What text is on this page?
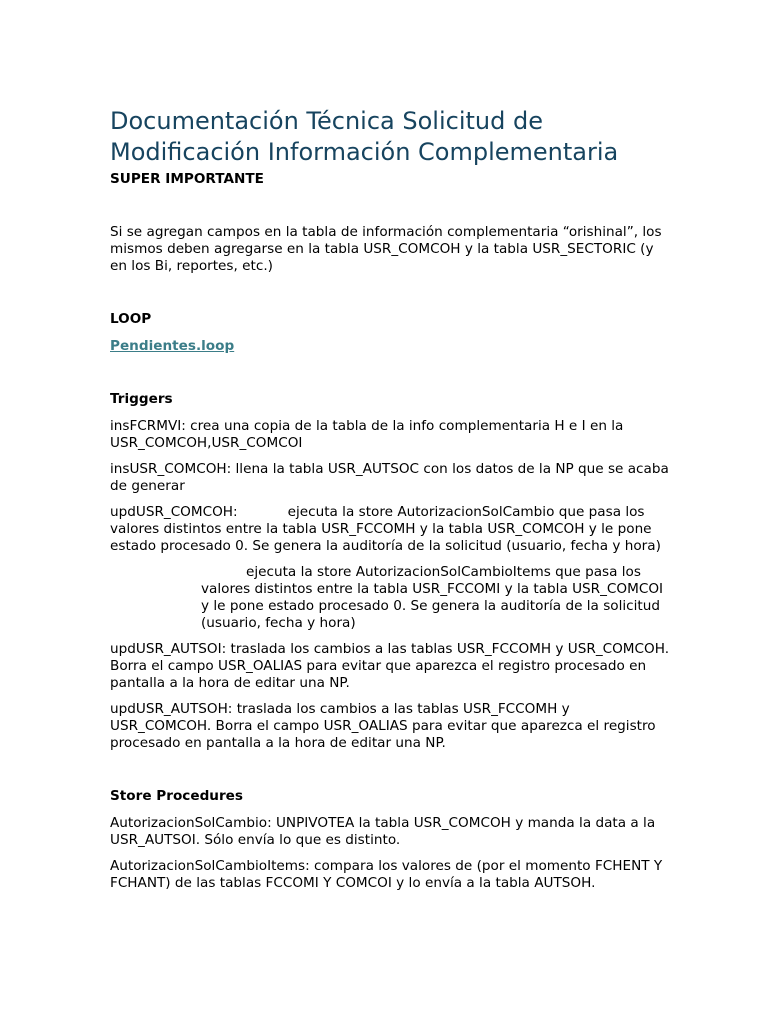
Documentación Técnica Solicitud de
Modificación Información Complementaria

SUPER IMPORTANTE

Si se agregan campos en la tabla de información complementaria “orishinal”, los mismos deben agregarse en la tabla USR_COMCOH y la tabla USR_SECTORIC (y en los Bi, reportes, etc.)

LOOP

Pendientes.loop

Triggers

insFCRMVI: crea una copia de la tabla de la info complementaria H e I en la USR_COMCOH,USR_COMCOI

insUSR_COMCOH: llena la tabla USR_AUTSOC con los datos de la NP que se acaba de generar

updUSR_COMCOH:	ejecuta la store AutorizacionSolCambio que pasa los valores distintos entre la tabla USR_FCCOMH y la tabla USR_COMCOH y le pone estado procesado 0. Se genera la auditoría de la solicitud (usuario, fecha y hora)

ejecuta la store AutorizacionSolCambioItems que pasa los valores distintos entre la tabla USR_FCCOMI y la tabla USR_COMCOI y le pone estado procesado 0. Se genera la auditoría de la solicitud (usuario, fecha y hora)

updUSR_AUTSOI: traslada los cambios a las tablas USR_FCCOMH y USR_COMCOH. Borra el campo USR_OALIAS para evitar que aparezca el registro procesado en pantalla a la hora de editar una NP.

updUSR_AUTSOH: traslada los cambios a las tablas USR_FCCOMH y USR_COMCOH. Borra el campo USR_OALIAS para evitar que aparezca el registro procesado en pantalla a la hora de editar una NP.

Store Procedures

AutorizacionSolCambio: UNPIVOTEA la tabla USR_COMCOH y manda la data a la USR_AUTSOI. Sólo envía lo que es distinto.

AutorizacionSolCambioItems: compara los valores de (por el momento FCHENT Y FCHANT) de las tablas FCCOMI Y COMCOI y lo envía a la tabla AUTSOH.
